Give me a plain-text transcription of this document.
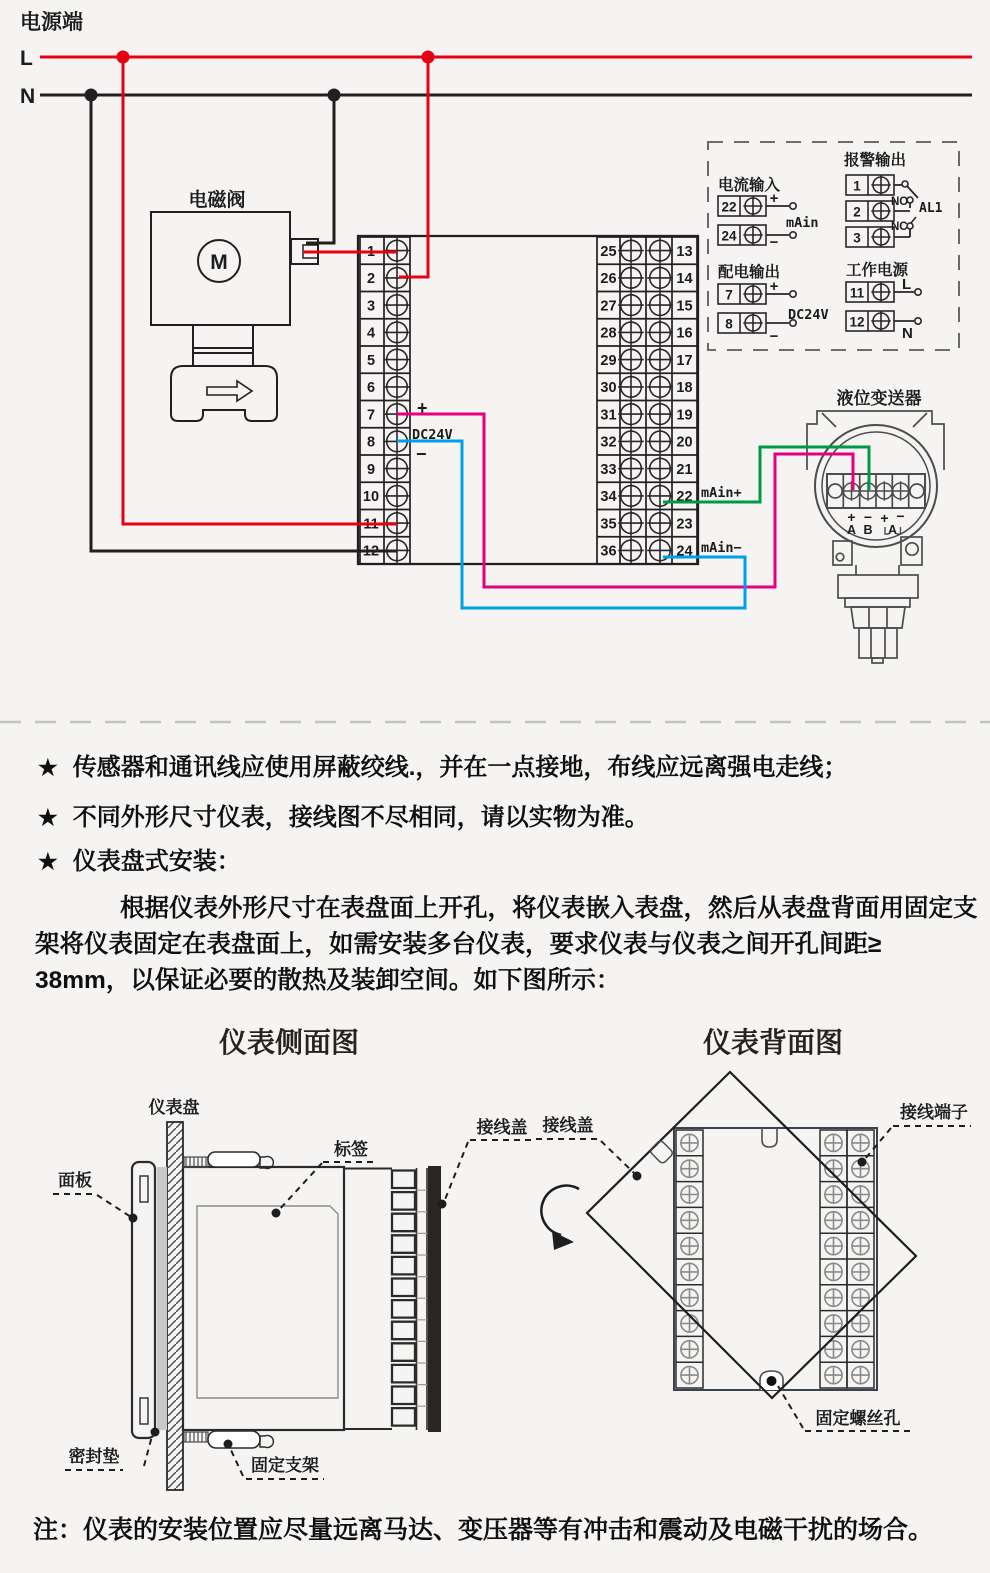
电源端
L
N
电磁阀
M	1
2
3
4
5
6
7
8
9
10
11
12
25
26
27
28
29
30
31
32
33
34
35
36
13
14
15
16
17
18
19
20
21
22
23
24
+
DC24V
−
mAin+
mAin−
电流输入
22
24
+
−
mAin
报警输出
1
2
3
NO
NC
AL1
配电输出
7
8
+
−
DC24V
工作电源
11
12
L
N
液位变送器
+ − + −
A B A
★ 传感器和通讯线应使用屏蔽绞线.，并在一点接地，布线应远离强电走线；
★ 不同外形尺寸仪表，接线图不尽相同，请以实物为准。
★ 仪表盘式安装：
根据仪表外形尺寸在表盘面上开孔，将仪表嵌入表盘，然后从表盘背面用固定支
架将仪表固定在表盘面上，如需安装多台仪表，要求仪表与仪表之间开孔间距≥
38mm，以保证必要的散热及装卸空间。如下图所示：
仪表侧面图
仪表盘
面板
标签
接线盖
密封垫	固定支架
仪表背面图
接线盖
接线端子
固定螺丝孔
注：仪表的安装位置应尽量远离马达、变压器等有冲击和震动及电磁干扰的场合。
